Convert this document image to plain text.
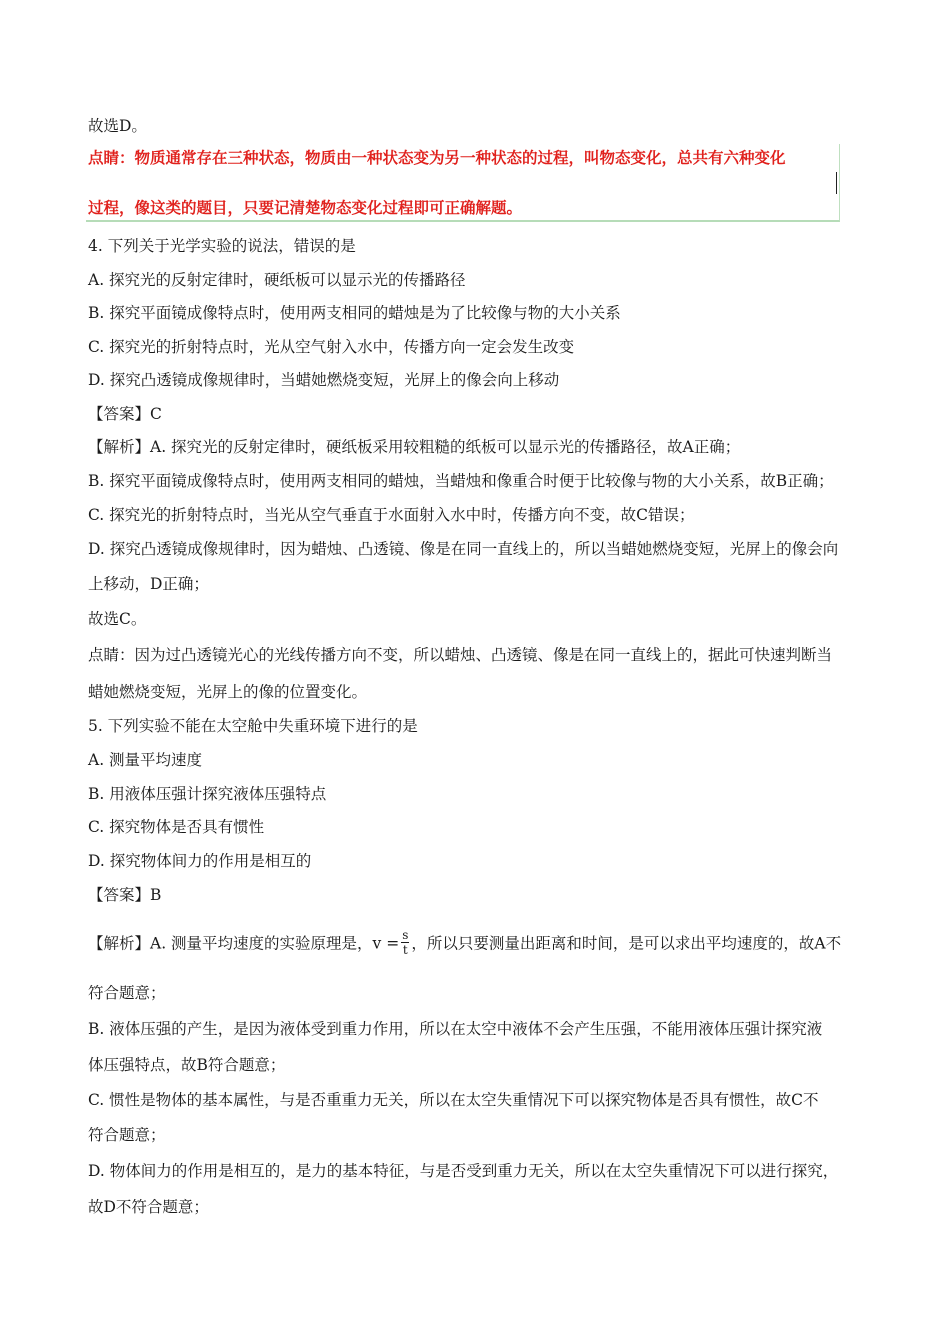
故选D。
点睛：物质通常存在三种状态，物质由一种状态变为另一种状态的过程，叫物态变化，总共有六种变化
过程，像这类的题目，只要记清楚物态变化过程即可正确解题。
4. 下列关于光学实验的说法，错误的是
A. 探究光的反射定律时，硬纸板可以显示光的传播路径
B. 探究平面镜成像特点时，使用两支相同的蜡烛是为了比较像与物的大小关系
C. 探究光的折射特点时，光从空气射入水中，传播方向一定会发生改变
D. 探究凸透镜成像规律时，当蜡她燃烧变短，光屏上的像会向上移动
【答案】C
【解析】A. 探究光的反射定律时，硬纸板采用较粗糙的纸板可以显示光的传播路径，故A正确；
B. 探究平面镜成像特点时，使用两支相同的蜡烛，当蜡烛和像重合时便于比较像与物的大小关系，故B正确；
C. 探究光的折射特点时，当光从空气垂直于水面射入水中时，传播方向不变，故C错误；
D. 探究凸透镜成像规律时，因为蜡烛、凸透镜、像是在同一直线上的，所以当蜡她燃烧变短，光屏上的像会向
上移动，D正确；
故选C。
点睛：因为过凸透镜光心的光线传播方向不变，所以蜡烛、凸透镜、像是在同一直线上的，据此可快速判断当
蜡她燃烧变短，光屏上的像的位置变化。
5. 下列实验不能在太空舱中失重环境下进行的是
A. 测量平均速度
B. 用液体压强计探究液体压强特点
C. 探究物体是否具有惯性
D. 探究物体间力的作用是相互的
【答案】B
【解析】A. 测量平均速度的实验原理是，$v = \frac{s}{t}$ ，所以只要测量出距离和时间，是可以求出平均速度的，故A不
符合题意；
B. 液体压强的产生，是因为液体受到重力作用，所以在太空中液体不会产生压强，不能用液体压强计探究液
体压强特点，故B符合题意；
C. 惯性是物体的基本属性，与是否重重力无关，所以在太空失重情况下可以探究物体是否具有惯性，故C不
符合题意；
D. 物体间力的作用是相互的，是力的基本特征，与是否受到重力无关，所以在太空失重情况下可以进行探究，
故D不符合题意；
